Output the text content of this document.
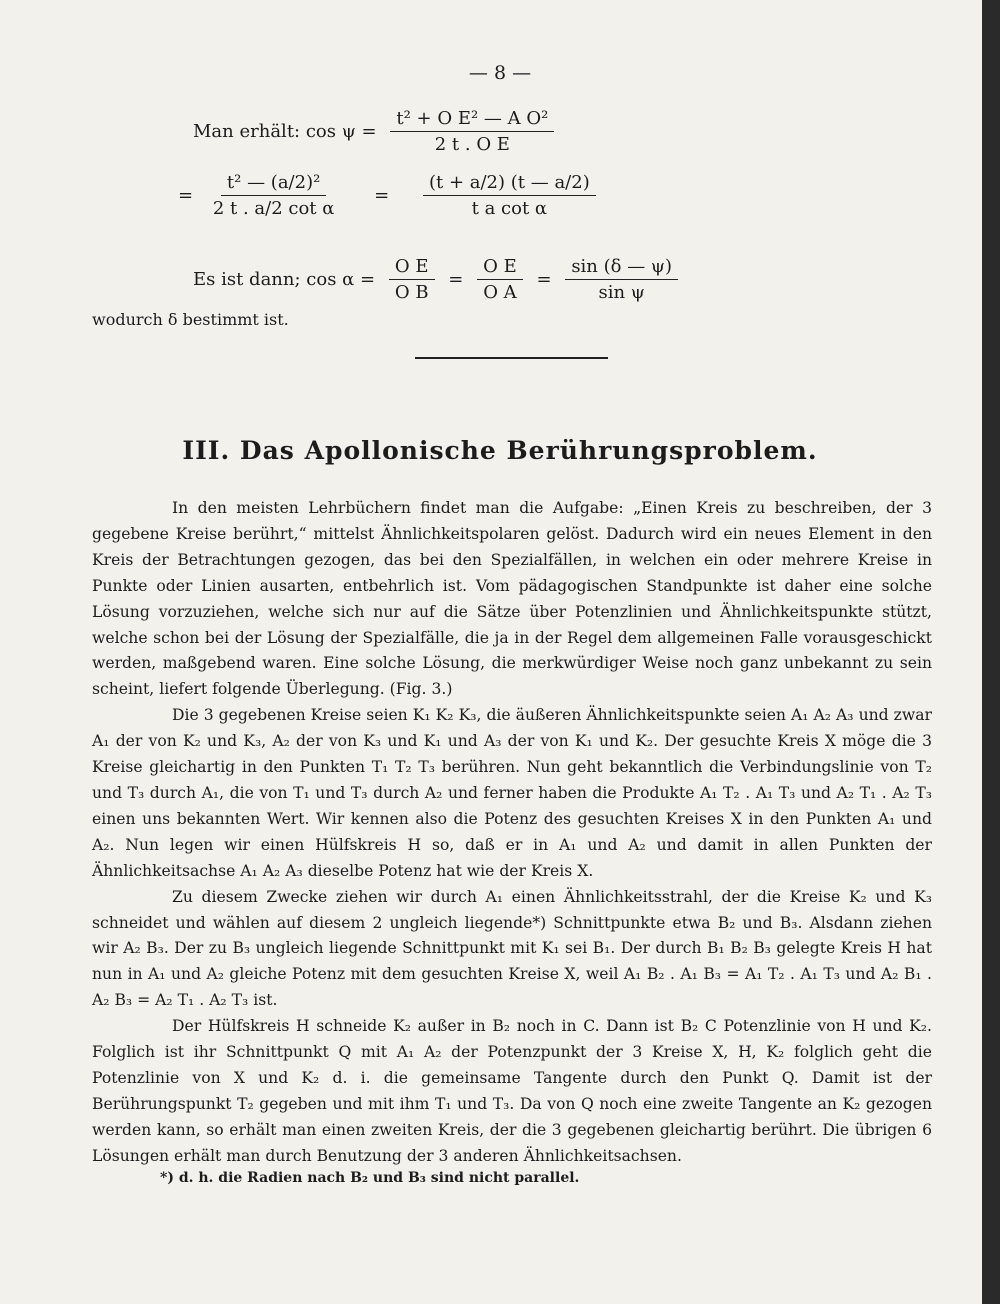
— 8 —
Man erhält: $\cos \psi = \frac{\text{t² + O E² — A O²}}{\text{2 t . O E}}$
= $\frac{\text{t² — (a/2)²}}{\text{2 t . a/2 cot α}} = \frac{(t + a/2) (t — a/2)}{\text{t a cot α}}$
Es ist dann; $\cos \alpha = \frac{\text{O E}}{\text{O B}} = \frac{\text{O E}}{\text{O A}} = \frac{\sin (\delta — \psi)}{\text{sin ψ}}$
wodurch δ bestimmt ist.
III. Das Apollonische Berührungsproblem.

In den meisten Lehrbüchern findet man die Aufgabe: „Einen Kreis zu beschreiben, der 3 gegebene Kreise berührt,“ mittelst Ähnlichkeitspolaren gelöst. Dadurch wird ein neues Element in den Kreis der Betrachtungen gezogen, das bei den Spezialfällen, in welchen ein oder mehrere Kreise in Punkte oder Linien ausarten, entbehrlich ist. Vom pädagogischen Standpunkte ist daher eine solche Lösung vorzuziehen, welche sich nur auf die Sätze über Potenzlinien und Ähnlichkeitspunkte stützt, welche schon bei der Lösung der Spezialfälle, die ja in der Regel dem allgemeinen Falle vorausgeschickt werden, maßgebend waren. Eine solche Lösung, die merkwürdiger Weise noch ganz unbekannt zu sein scheint, liefert folgende Überlegung. (Fig. 3.)

Die 3 gegebenen Kreise seien K₁ K₂ K₃, die äußeren Ähnlichkeitspunkte seien A₁ A₂ A₃ und zwar A₁ der von K₂ und K₃, A₂ der von K₃ und K₁ und A₃ der von K₁ und K₂. Der gesuchte Kreis X möge die 3 Kreise gleichartig in den Punkten T₁ T₂ T₃ berühren. Nun geht bekanntlich die Verbindungslinie von T₂ und T₃ durch A₁, die von T₁ und T₃ durch A₂ und ferner haben die Produkte A₁ T₂ . A₁ T₃ und A₂ T₁ . A₂ T₃ einen uns bekannten Wert. Wir kennen also die Potenz des gesuchten Kreises X in den Punkten A₁ und A₂. Nun legen wir einen Hülfskreis H so, daß er in A₁ und A₂ und damit in allen Punkten der Ähnlichkeitsachse A₁ A₂ A₃ dieselbe Potenz hat wie der Kreis X.

Zu diesem Zwecke ziehen wir durch A₁ einen Ähnlichkeitsstrahl, der die Kreise K₂ und K₃ schneidet und wählen auf diesem 2 ungleich liegende*) Schnittpunkte etwa B₂ und B₃. Alsdann ziehen wir A₂ B₃. Der zu B₃ ungleich liegende Schnittpunkt mit K₁ sei B₁. Der durch B₁ B₂ B₃ gelegte Kreis H hat nun in A₁ und A₂ gleiche Potenz mit dem gesuchten Kreise X, weil A₁ B₂ . A₁ B₃ = A₁ T₂ . A₁ T₃ und A₂ B₁ . A₂ B₃ = A₂ T₁ . A₂ T₃ ist.

Der Hülfskreis H schneide K₂ außer in B₂ noch in C. Dann ist B₂ C Potenzlinie von H und K₂. Folglich ist ihr Schnittpunkt Q mit A₁ A₂ der Potenzpunkt der 3 Kreise X, H, K₂ folglich geht die Potenzlinie von X und K₂ d. i. die gemeinsame Tangente durch den Punkt Q. Damit ist der Berührungspunkt T₂ gegeben und mit ihm T₁ und T₃. Da von Q noch eine zweite Tangente an K₂ gezogen werden kann, so erhält man einen zweiten Kreis, der die 3 gegebenen gleichartig berührt. Die übrigen 6 Lösungen erhält man durch Benutzung der 3 anderen Ähnlichkeitsachsen.

*) d. h. die Radien nach B₂ und B₃ sind nicht parallel.
